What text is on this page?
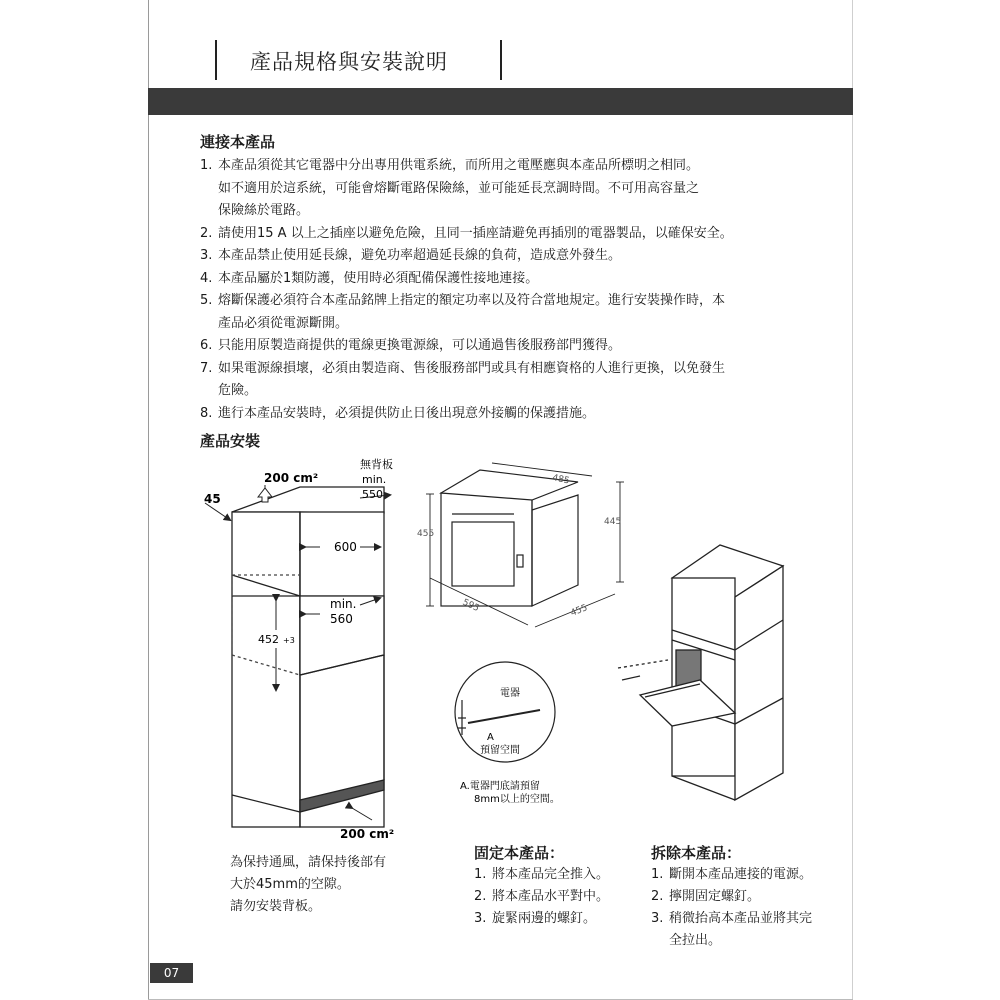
產品規格與安裝說明
連接本產品
1. 本產品須從其它電器中分出專用供電系統，而所用之電壓應與本產品所標明之相同。
如不適用於這系統，可能會熔斷電路保險絲，並可能延長烹調時間。不可用高容量之
保險絲於電路。
2. 請使用15 A 以上之插座以避免危險，且同一插座請避免再插別的電器製品，以確保安全。
3. 本產品禁止使用延長線，避免功率超過延長線的負荷，造成意外發生。
4. 本產品屬於1類防護，使用時必須配備保護性接地連接。
5. 熔斷保護必須符合本產品銘牌上指定的額定功率以及符合當地規定。進行安裝操作時，本
產品必須從電源斷開。
6. 只能用原製造商提供的電線更換電源線，可以通過售後服務部門獲得。
7. 如果電源線損壞，必須由製造商、售後服務部門或具有相應資格的人進行更換，以免發生
危險。
8. 進行本產品安裝時，必須提供防止日後出現意外接觸的保護措施。
產品安裝
200 cm²
無背板
min.
550
45
600
min.
560
452 +3
200 cm²
485
445
455
595	455
電器
A
預留空間
A.電器門底請預留
8mm以上的空間。
為保持通風，請保持後部有
大於45mm的空隙。
請勿安裝背板。
固定本產品：
1. 將本產品完全推入。
2. 將本產品水平對中。
3. 旋緊兩邊的螺釘。
拆除本產品：
1. 斷開本產品連接的電源。
2. 擰開固定螺釘。
3. 稍微抬高本產品並將其完
全拉出。
07
